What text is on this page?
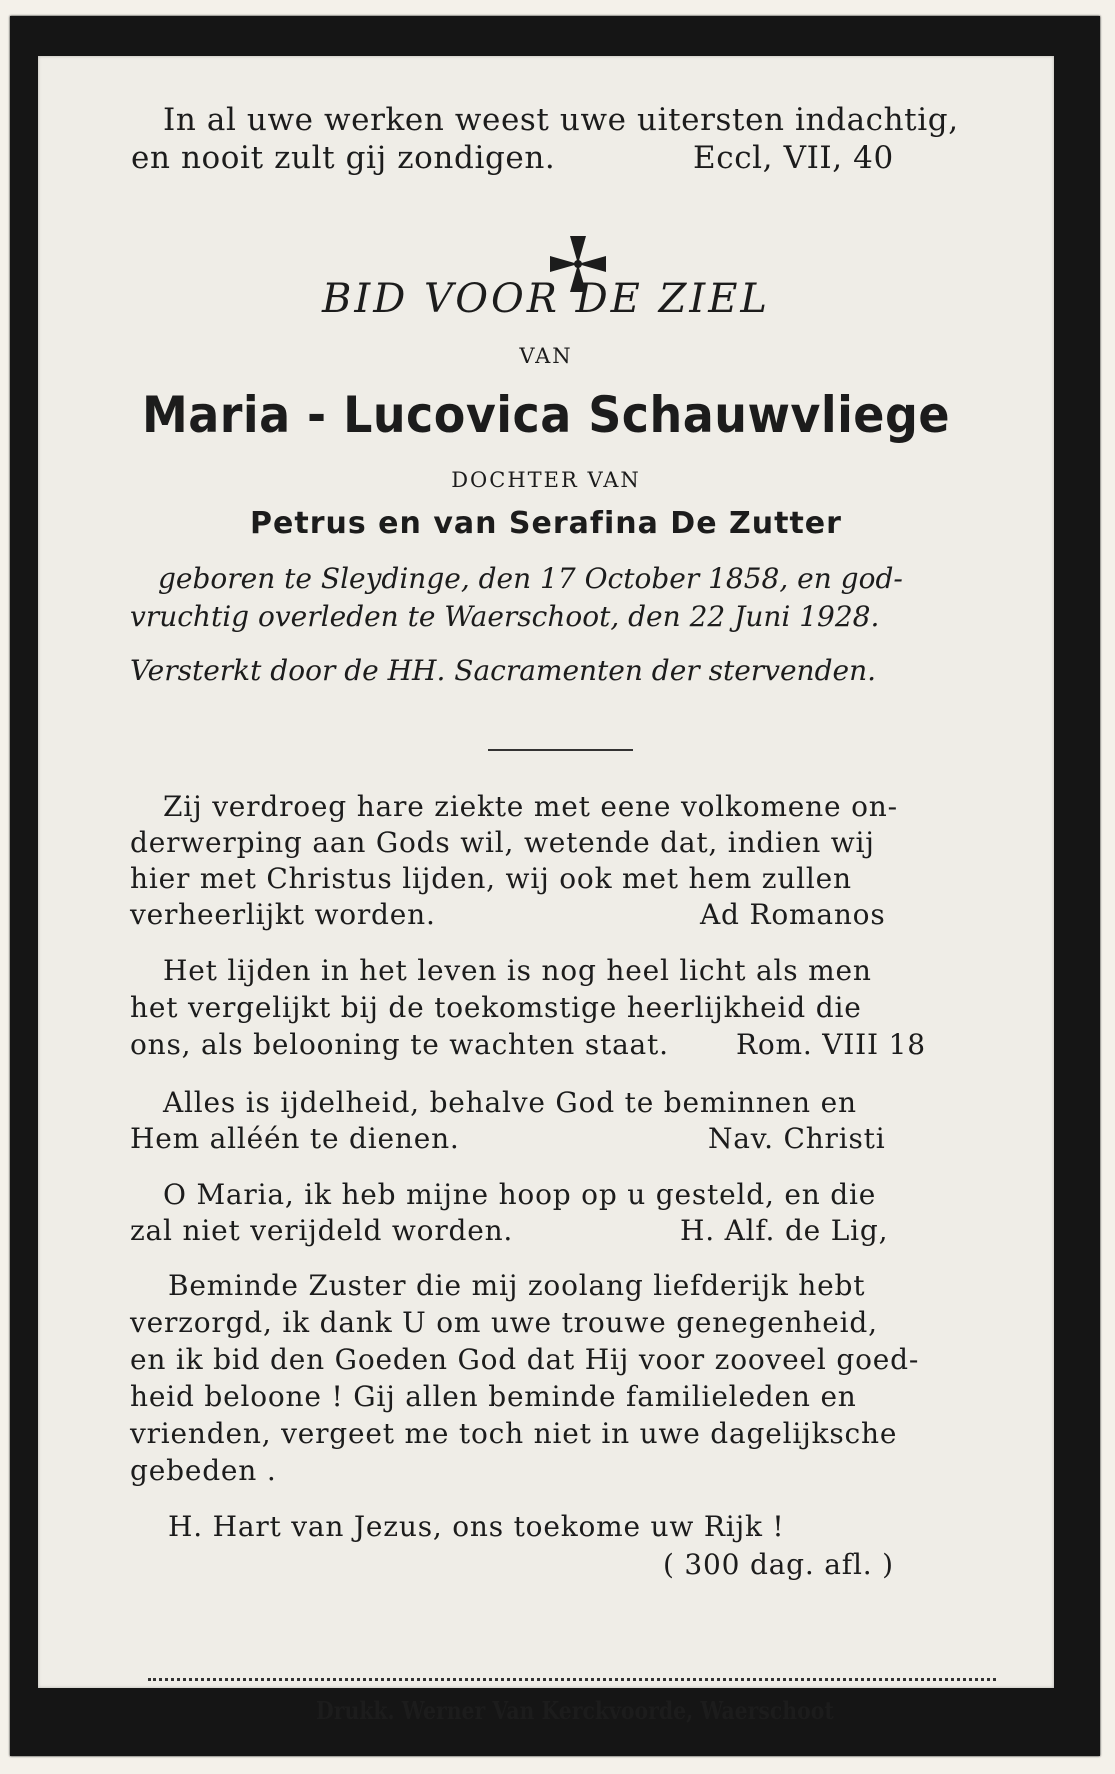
In al uwe werken weest uwe uitersten indachtig,
en nooit zult gij zondigen.	Eccl, VII, 40
BID VOOR DE ZIEL
VAN
Maria - Lucovica Schauwvliege
DOCHTER VAN
Petrus en van Serafina De Zutter
geboren te Sleydinge, den 17 October 1858, en god-
vruchtig overleden te Waerschoot, den 22 Juni 1928.
Versterkt door de HH. Sacramenten der stervenden.
Zij verdroeg hare ziekte met eene volkomene on-
derwerping aan Gods wil, wetende dat, indien wij
hier met Christus lijden, wij ook met hem zullen
verheerlijkt worden.	Ad Romanos
Het lijden in het leven is nog heel licht als men
het vergelijkt bij de toekomstige heerlijkheid die
ons, als belooning te wachten staat. Rom. VIII 18
Alles is ijdelheid, behalve God te beminnen en
Hem alléén te dienen.	Nav. Christi
O Maria, ik heb mijne hoop op u gesteld, en die
zal niet verijdeld worden.	H. Alf. de Lig,
Beminde Zuster die mij zoolang liefderijk hebt
verzorgd, ik dank U om uwe trouwe genegenheid,
en ik bid den Goeden God dat Hij voor zooveel goed-
heid beloone ! Gij allen beminde familieleden en
vrienden, vergeet me toch niet in uwe dagelijksche
gebeden .
H. Hart van Jezus, ons toekome uw Rijk !
( 300 dag. afl. )
Drukk. Werner Van Kerckvoorde, Waerschoot
